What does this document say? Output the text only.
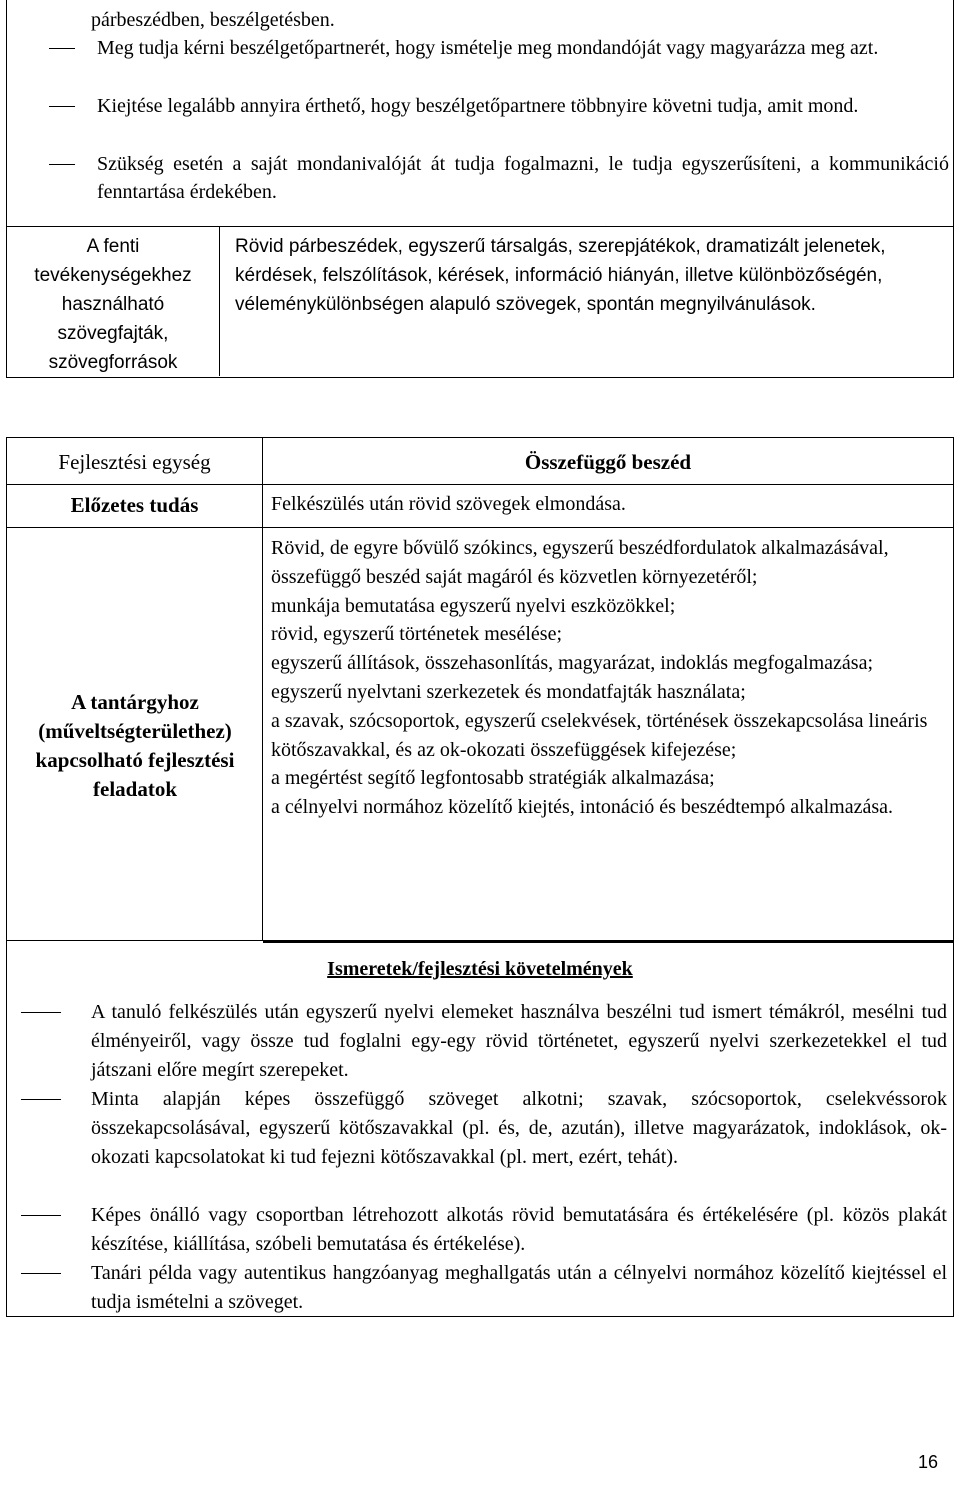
párbeszédben, beszélgetésben.
Meg tudja kérni beszélgetőpartnerét, hogy ismételje meg mondandóját vagy magyarázza meg azt.
Kiejtése legalább annyira érthető, hogy beszélgetőpartnere többnyire követni tudja, amit mond.
Szükség esetén a saját mondanivalóját át tudja fogalmazni, le tudja egyszerűsíteni, a kommunikáció fenntartása érdekében.
A fenti tevékenységekhez használható szövegfajták, szövegforrások
Rövid párbeszédek, egyszerű társalgás, szerepjátékok, dramatizált jelenetek, kérdések, felszólítások, kérések, információ hiányán, illetve különbözőségén, véleménykülönbségen alapuló szövegek, spontán megnyilvánulások.
Fejlesztési egység	Összefüggő beszéd
Előzetes tudás	Felkészülés után rövid szövegek elmondása.
A tantárgyhoz (műveltségterülethez) kapcsolható fejlesztési feladatok
Rövid, de egyre bővülő szókincs, egyszerű beszédfordulatok alkalmazásával, összefüggő beszéd saját magáról és közvetlen környezetéről;
munkája bemutatása egyszerű nyelvi eszközökkel;
rövid, egyszerű történetek mesélése;
egyszerű állítások, összehasonlítás, magyarázat, indoklás megfogalmazása;
egyszerű nyelvtani szerkezetek és mondatfajták használata;
a szavak, szócsoportok, egyszerű cselekvések, történések összekapcsolása lineáris kötőszavakkal, és az ok-okozati összefüggések kifejezése;
a megértést segítő legfontosabb stratégiák alkalmazása;
a célnyelvi normához közelítő kiejtés, intonáció és beszédtempó alkalmazása.
Ismeretek/fejlesztési követelmények
A tanuló felkészülés után egyszerű nyelvi elemeket használva beszélni tud ismert témákról, mesélni tud élményeiről, vagy össze tud foglalni egy-egy rövid történetet, egyszerű nyelvi szerkezetekkel el tud játszani előre megírt szerepeket.
Minta alapján képes összefüggő szöveget alkotni; szavak, szócsoportok, cselekvéssorok összekapcsolásával, egyszerű kötőszavakkal (pl. és, de, azután), illetve magyarázatok, indoklások, ok-okozati kapcsolatokat ki tud fejezni kötőszavakkal (pl. mert, ezért, tehát).
Képes önálló vagy csoportban létrehozott alkotás rövid bemutatására és értékelésére (pl. közös plakát készítése, kiállítása, szóbeli bemutatása és értékelése).
Tanári példa vagy autentikus hangzóanyag meghallgatás után a célnyelvi normához közelítő kiejtéssel el tudja ismételni a szöveget.
16
